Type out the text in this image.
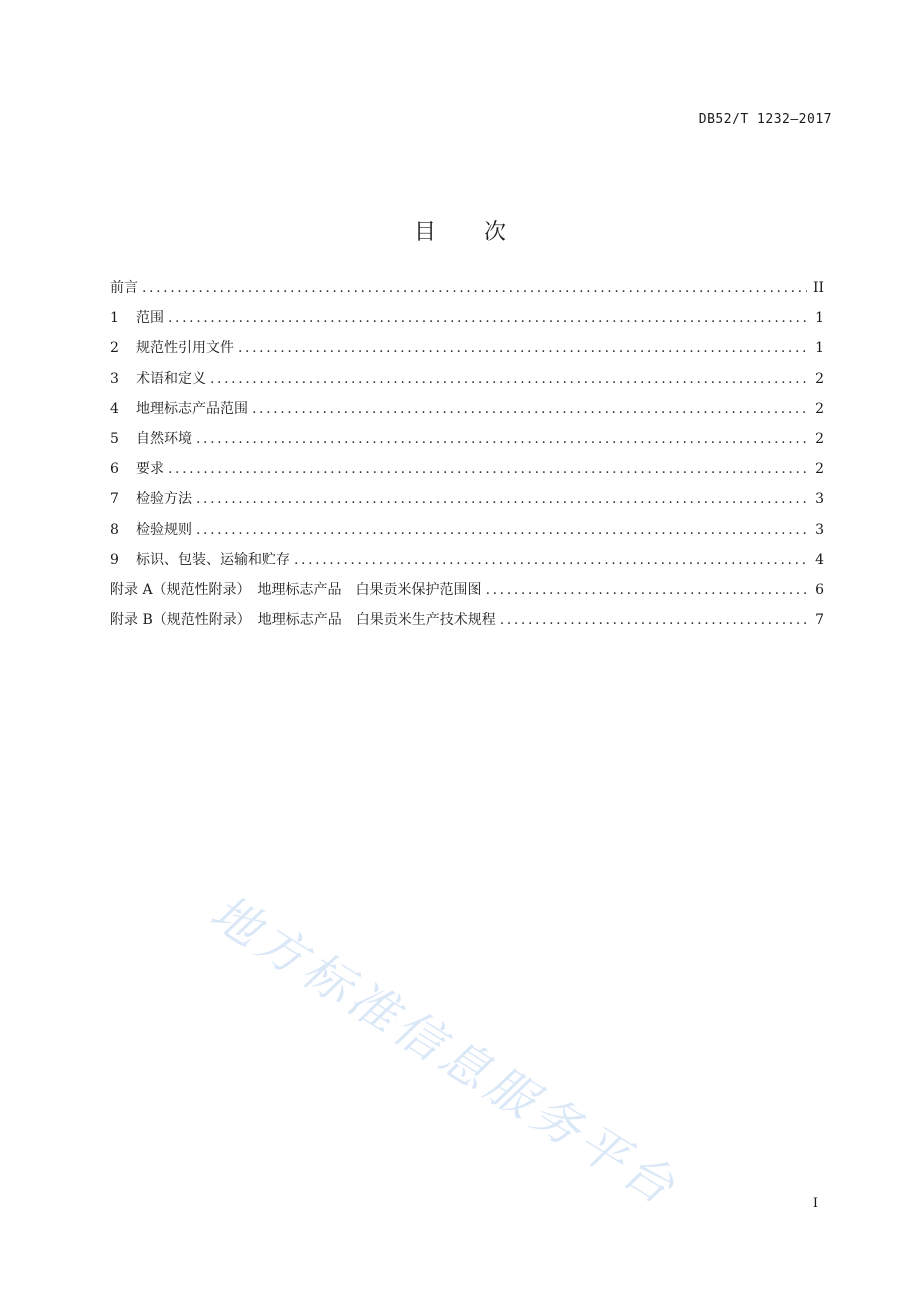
DB52/T 1232—2017
目次
前言 .....	II
1	范围 .....	1
2	规范性引用文件 .....	1
3	术语和定义 .....	2
4	地理标志产品范围 .....	2
5	自然环境 .....	2
6	要求 .....	2
7	检验方法 .....	3
8	检验规则 .....	3
9	标识、包装、运输和贮存 .....	4
附录 A（规范性附录）　地理标志产品　白果贡米保护范围图 .....	6
附录 B（规范性附录）　地理标志产品　白果贡米生产技术规程 .....	7
地方标准信息服务平台	I
